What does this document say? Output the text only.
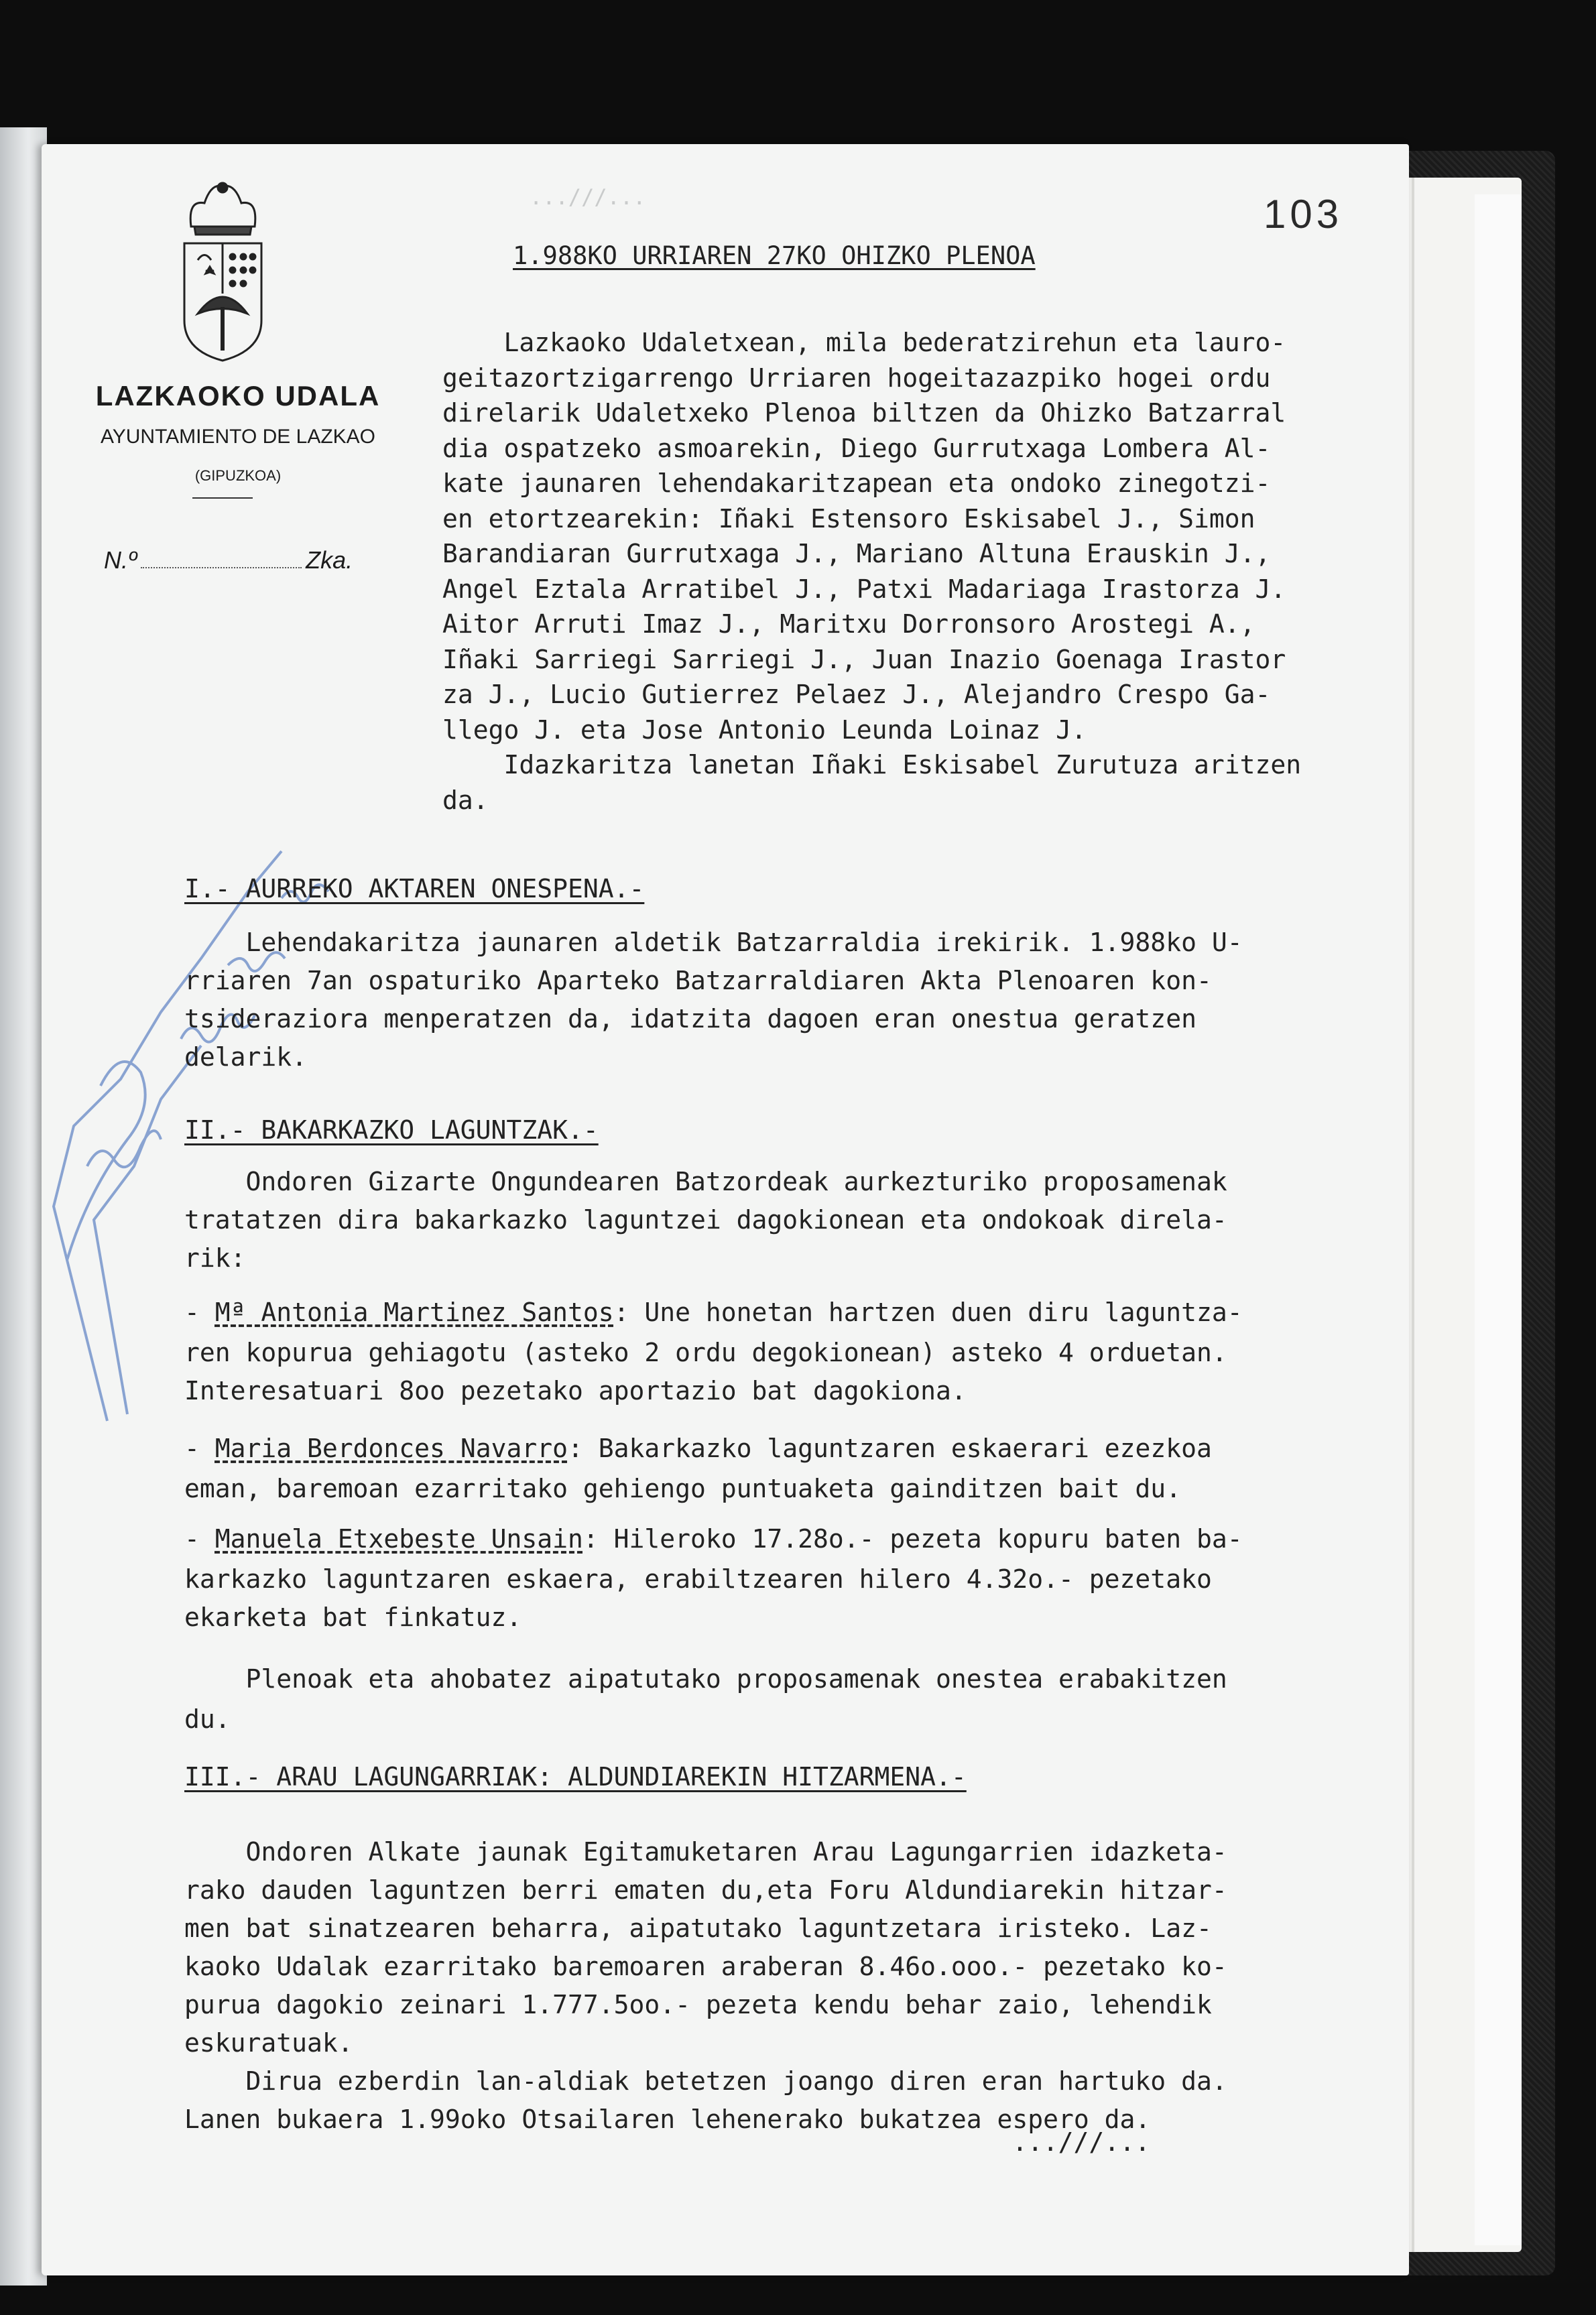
...///...
LAZKAOKO UDALA
AYUNTAMIENTO DE LAZKAO
(GIPUZKOA)
N.º	Zka.
103
1.988KO URRIAREN 27KO OHIZKO PLENOA
Lazkaoko Udaletxean, mila bederatzirehun eta lauro-
geitazortzigarrengo Urriaren hogeitazazpiko hogei ordu
direlarik Udaletxeko Plenoa biltzen da Ohizko Batzarral
dia ospatzeko asmoarekin, Diego Gurrutxaga Lombera Al-
kate jaunaren lehendakaritzapean eta ondoko zinegotzi-
en etortzearekin: Iñaki Estensoro Eskisabel J., Simon
Barandiaran Gurrutxaga J., Mariano Altuna Erauskin J.,
Angel Eztala Arratibel J., Patxi Madariaga Irastorza J.
Aitor Arruti Imaz J., Maritxu Dorronsoro Arostegi A.,
Iñaki Sarriegi Sarriegi J., Juan Inazio Goenaga Irastor
za J., Lucio Gutierrez Pelaez J., Alejandro Crespo Ga-
llego J. eta Jose Antonio Leunda Loinaz J.
Idazkaritza lanetan Iñaki Eskisabel Zurutuza aritzen
da.
I.- AURREKO AKTAREN ONESPENA.-
Lehendakaritza jaunaren aldetik Batzarraldia irekirik. 1.988ko U-
rriaren 7an ospaturiko Aparteko Batzarraldiaren Akta Plenoaren kon-
tsideraziora menperatzen da, idatzita dagoen eran onestua geratzen
delarik.
II.- BAKARKAZKO LAGUNTZAK.-
Ondoren Gizarte Ongundearen Batzordeak aurkezturiko proposamenak
tratatzen dira bakarkazko laguntzei dagokionean eta ondokoak direla-
rik:
- Mª Antonia Martinez Santos: Une honetan hartzen duen diru laguntza-
ren kopurua gehiagotu (asteko 2 ordu degokionean) asteko 4 orduetan.
Interesatuari 8oo pezetako aportazio bat dagokiona.
- Maria Berdonces Navarro: Bakarkazko laguntzaren eskaerari ezezkoa
eman, baremoan ezarritako gehiengo puntuaketa gainditzen bait du.
- Manuela Etxebeste Unsain: Hileroko 17.28o.- pezeta kopuru baten ba-
karkazko laguntzaren eskaera, erabiltzearen hilero 4.32o.- pezetako
ekarketa bat finkatuz.
Plenoak eta ahobatez aipatutako proposamenak onestea erabakitzen
du.
III.- ARAU LAGUNGARRIAK: ALDUNDIAREKIN HITZARMENA.-
Ondoren Alkate jaunak Egitamuketaren Arau Lagungarrien idazketa-
rako dauden laguntzen berri ematen du,eta Foru Aldundiarekin hitzar-
men bat sinatzearen beharra, aipatutako laguntzetara iristeko. Laz-
kaoko Udalak ezarritako baremoaren araberan 8.46o.ooo.- pezetako ko-
purua dagokio zeinari 1.777.5oo.- pezeta kendu behar zaio, lehendik
eskuratuak.
Dirua ezberdin lan-aldiak betetzen joango diren eran hartuko da.
Lanen bukaera 1.99oko Otsailaren lehenerako bukatzea espero da.
...///...
